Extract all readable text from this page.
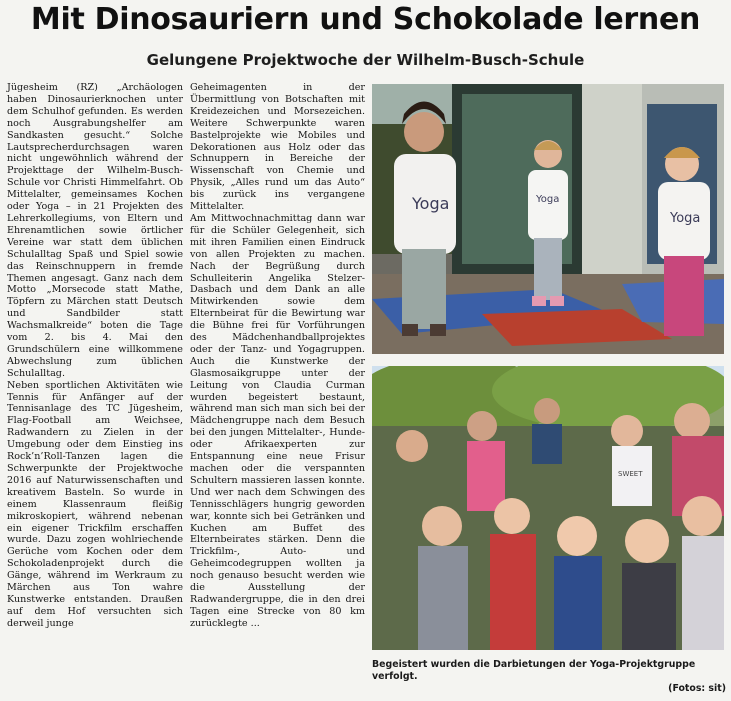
Mit Dinosauriern und Schokolade lernen
Gelungene Projektwoche der Wilhelm-Busch-Schule

Jügesheim (RZ) „Archäologen haben Dinosaurierknochen unter dem Schulhof gefunden. Es werden noch Ausgrabungshelfer am Sandkasten gesucht.“ Solche Lautsprecherdurchsagen waren nicht ungewöhnlich während der Projekttage der Wilhelm-Busch-Schule vor Christi Himmelfahrt. Ob Mittelalter, gemeinsames Kochen oder Yoga – in 21 Projekten des Lehrerkollegiums, von Eltern und Ehrenamtlichen sowie örtlicher Vereine war statt dem üblichen Schulalltag Spaß und Spiel sowie das Reinschnuppern in fremde Themen angesagt. Ganz nach dem Motto „Morsecode statt Mathe, Töpfern zu Märchen statt Deutsch und Sandbilder statt Wachsmalkreide“ boten die Tage vom 2. bis 4. Mai den Grundschülern eine willkommene Abwechslung zum üblichen Schulalltag.

Neben sportlichen Aktivitäten wie Tennis für Anfänger auf der Tennisanlage des TC Jügesheim, Flag-Football am Weichsee, Radwandern zu Zielen in der Umgebung oder dem Einstieg ins Rock’n’Roll-Tanzen lagen die Schwerpunkte der Projektwoche 2016 auf Naturwissenschaften und kreativem Basteln. So wurde in einem Klassenraum fleißig mikroskopiert, während nebenan ein eigener Trickfilm erschaffen wurde. Dazu zogen wohlriechende Gerüche vom Kochen oder dem Schokoladenprojekt durch die Gänge, während im Werkraum zu Märchen aus Ton wahre Kunstwerke entstanden. Draußen auf dem Hof versuchten sich derweil junge

Geheimagenten in der Übermittlung von Botschaften mit Kreidezeichen und Morsezeichen. Weitere Schwerpunkte waren Bastelprojekte wie Mobiles und Dekorationen aus Holz oder das Schnuppern in Bereiche der Wissenschaft von Chemie und Physik, „Alles rund um das Auto“ bis zurück ins vergangene Mittelalter.

Am Mittwochnachmittag dann war für die Schüler Gelegenheit, sich mit ihren Familien einen Eindruck von allen Projekten zu machen. Nach der Begrüßung durch Schulleiterin Angelika Stelzer-Dasbach und dem Dank an alle Mitwirkenden sowie dem Elternbeirat für die Bewirtung war die Bühne frei für Vorführungen des Mädchenhandballprojektes oder der Tanz- und Yogagruppen. Auch die Kunstwerke der Glasmosaikgruppe unter der Leitung von Claudia Curman wurden begeistert bestaunt, während man sich man sich bei der Mädchengruppe nach dem Besuch bei den jungen Mittelalter-, Hunde- oder Afrikaexperten zur Entspannung eine neue Frisur machen oder die verspannten Schultern massieren lassen konnte. Und wer nach dem Schwingen des Tennisschlägers hungrig geworden war, konnte sich bei Getränken und Kuchen am Buffet des Elternbeirates stärken. Denn die Trickfilm-, Auto- und Geheimcodegruppen wollten ja noch genauso besucht werden wie die Ausstellung der Radwandergruppe, die in den drei Tagen eine Strecke von 80 km zurücklegte ...

Yoga	Yoga
Yoga
SWEET
Begeistert wurden die Darbietungen der Yoga-Projektgruppe verfolgt.
(Fotos: sit)
